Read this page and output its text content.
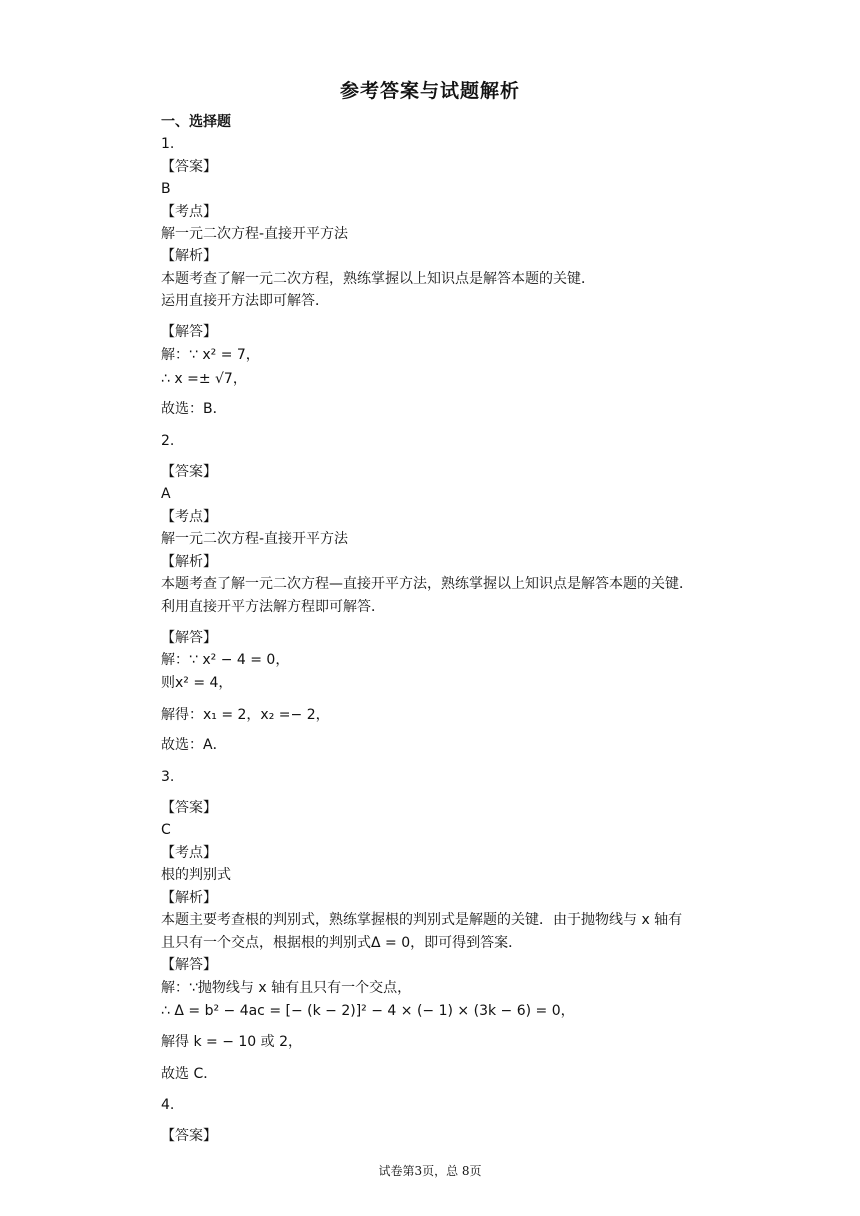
参考答案与试题解析
一、选择题
1.
【答案】
B
【考点】
解一元二次方程-直接开平方法
【解析】
本题考查了解一元二次方程，熟练掌握以上知识点是解答本题的关键．
运用直接开方法即可解答．
【解答】
解：∵ x² = 7，
∴ x =± √7，
故选：B．
2.
【答案】
A
【考点】
解一元二次方程-直接开平方法
【解析】
本题考查了解一元二次方程—直接开平方法，熟练掌握以上知识点是解答本题的关键．
利用直接开平方法解方程即可解答．
【解答】
解：∵ x² − 4 = 0，
则x² = 4，
解得：x₁ = 2，x₂ =− 2，
故选：A．
3.
【答案】
C
【考点】
根的判别式
【解析】
本题主要考查根的判别式，熟练掌握根的判别式是解题的关键．由于抛物线与 x 轴有
且只有一个交点，根据根的判别式Δ = 0，即可得到答案．
【解答】
解：∵抛物线与 x 轴有且只有一个交点，
∴ Δ = b² − 4ac = [− (k − 2)]² − 4 × (− 1) × (3k − 6) = 0，
解得 k = − 10 或 2，
故选 C．
4.
【答案】
试卷第3页，总 8页
